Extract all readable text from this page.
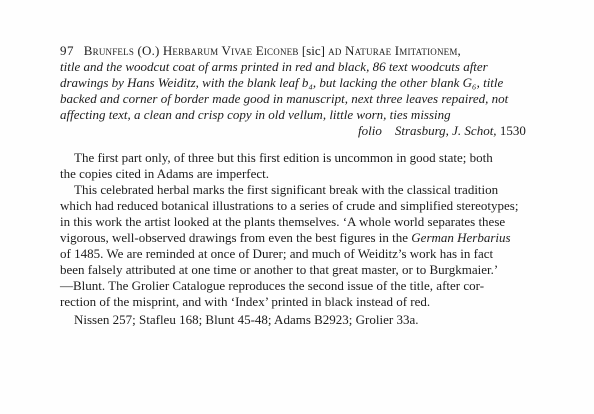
97 Brunfels (O.) Herbarum Vivae Eiconeb [sic] ad Naturae Imitationem,
title and the woodcut coat of arms printed in red and black, 86 text woodcuts after
drawings by Hans Weiditz, with the blank leaf b₄, but lacking the other blank G₆, title
backed and corner of border made good in manuscript, next three leaves repaired, not
affecting text, a clean and crisp copy in old vellum, little worn, ties missing
folio Strasburg, J. Schot, 1530
The first part only, of three but this first edition is uncommon in good state; both
the copies cited in Adams are imperfect.
This celebrated herbal marks the first significant break with the classical tradition
which had reduced botanical illustrations to a series of crude and simplified stereotypes;
in this work the artist looked at the plants themselves. ‘A whole world separates these
vigorous, well-observed drawings from even the best figures in the German Herbarius
of 1485. We are reminded at once of Durer; and much of Weiditz’s work has in fact
been falsely attributed at one time or another to that great master, or to Burgkmaier.’
—Blunt. The Grolier Catalogue reproduces the second issue of the title, after cor-
rection of the misprint, and with ‘Index’ printed in black instead of red.
Nissen 257; Stafleu 168; Blunt 45-48; Adams B2923; Grolier 33a.
